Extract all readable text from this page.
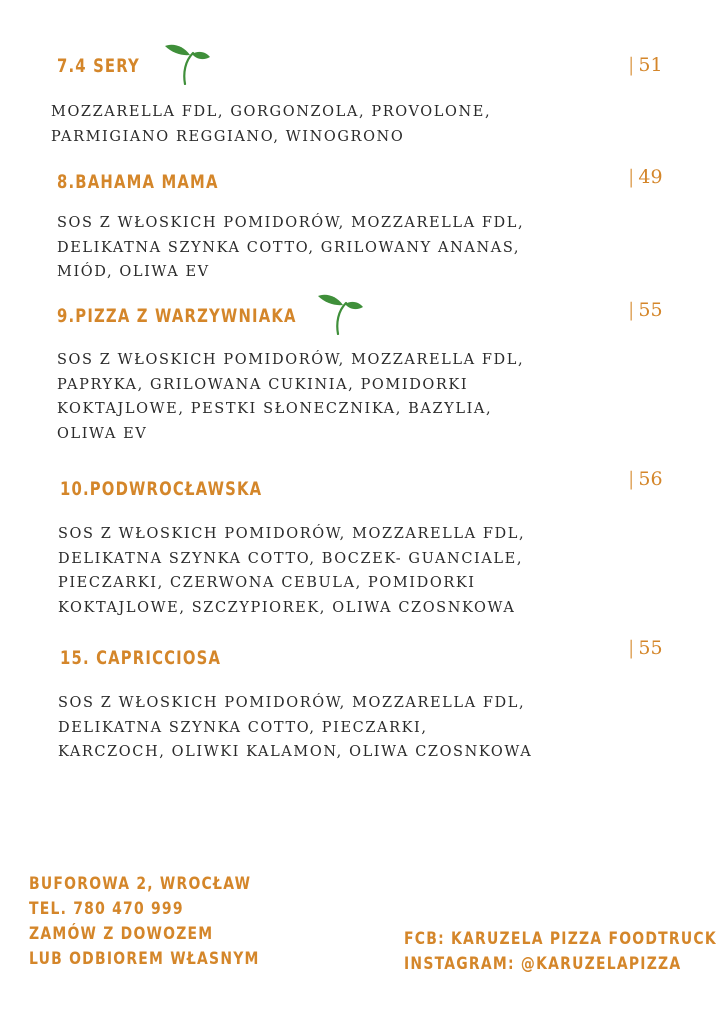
7.4 SERY	| 51
MOZZARELLA FDL, GORGONZOLA, PROVOLONE,
PARMIGIANO REGGIANO, WINOGRONO
8.BAHAMA MAMA	| 49
SOS Z WŁOSKICH POMIDORÓW, MOZZARELLA FDL,
DELIKATNA SZYNKA COTTO, GRILOWANY ANANAS,
MIÓD, OLIWA EV
9.PIZZA Z WARZYWNIAKA	| 55
SOS Z WŁOSKICH POMIDORÓW, MOZZARELLA FDL,
PAPRYKA, GRILOWANA CUKINIA, POMIDORKI
KOKTAJLOWE, PESTKI SŁONECZNIKA, BAZYLIA,
OLIWA EV
10.PODWROCŁAWSKA	| 56
SOS Z WŁOSKICH POMIDORÓW, MOZZARELLA FDL,
DELIKATNA SZYNKA COTTO, BOCZEK- GUANCIALE,
PIECZARKI, CZERWONA CEBULA, POMIDORKI
KOKTAJLOWE, SZCZYPIOREK, OLIWA CZOSNKOWA
15. CAPRICCIOSA	| 55
SOS Z WŁOSKICH POMIDORÓW, MOZZARELLA FDL,
DELIKATNA SZYNKA COTTO, PIECZARKI,
KARCZOCH, OLIWKI KALAMON, OLIWA CZOSNKOWA
BUFOROWA 2, WROCŁAW
TEL. 780 470 999
ZAMÓW Z DOWOZEM
LUB ODBIOREM WŁASNYM
FCB: KARUZELA PIZZA FOODTRUCK
INSTAGRAM: @KARUZELAPIZZA
